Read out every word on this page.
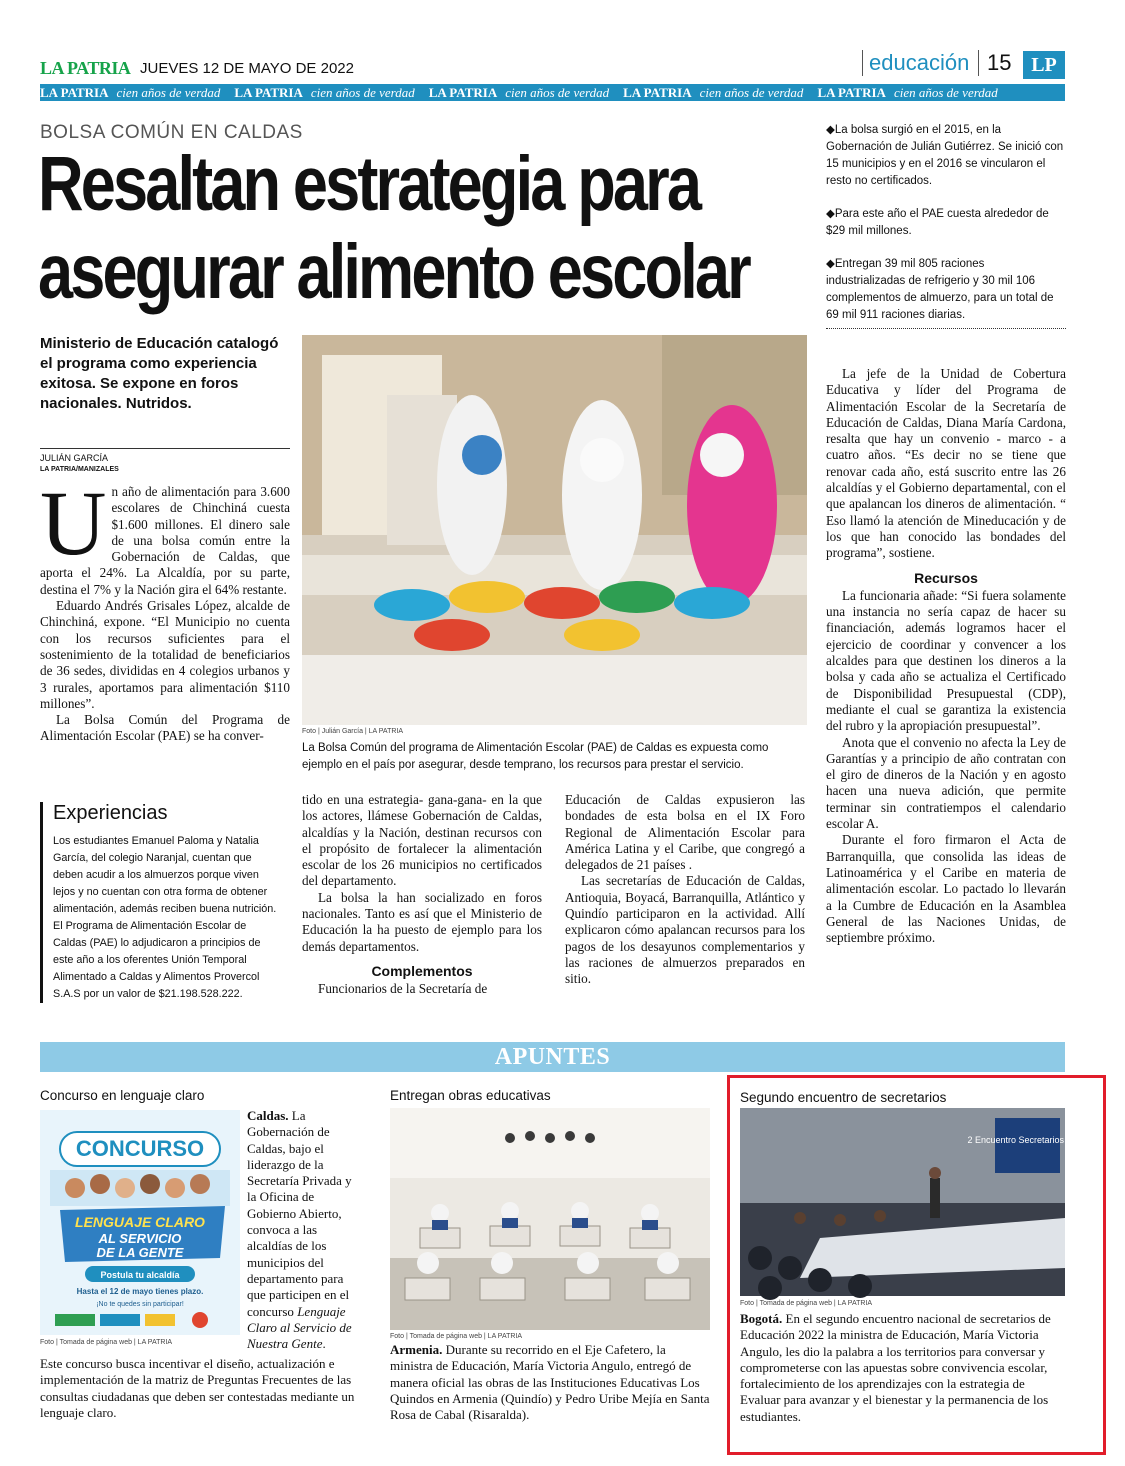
LA PATRIA JUEVES 12 DE MAYO DE 2022	educación 15 LP
LA PATRIA cien años de verdad LA PATRIA cien años de verdad LA PATRIA cien años de verdad LA PATRIA cien años de verdad LA PATRIA cien años de verdad
BOLSA COMÚN EN CALDAS
Resaltan estrategia para
asegurar alimento escolar

◆La bolsa surgió en el 2015, en la Gobernación de Julián Gutiérrez. Se inició con 15 municipios y en el 2016 se vincularon el resto no certificados.

◆Para este año el PAE cuesta alrededor de $29 mil millones.

◆Entregan 39 mil 805 raciones industrializadas de refrigerio y 30 mil 106 complementos de almuerzo, para un total de 69 mil 911 raciones diarias.

Ministerio de Educación catalogó el programa como experiencia exitosa. Se expone en foros nacionales. Nutridos.
JULIÁN GARCÍA
LA PATRIA/MANIZALES
U n año de alimentación para 3.600 escolares de Chinchiná cuesta $1.600 millones. El dinero sale de una bolsa común entre la Gobernación de Caldas, que aporta el 24%. La Alcaldía, por su parte, destina el 7% y la Nación gira el 64% restante.

Eduardo Andrés Grisales López, alcalde de Chinchiná, expone. “El Municipio no cuenta con los recursos suficientes para el sostenimiento de la totalidad de beneficiarios de 36 sedes, divididas en 4 colegios urbanos y 3 rurales, aportamos para alimentación $110 millones”.

La Bolsa Común del Programa de Alimentación Escolar (PAE) se ha conver-	Foto | Julián García | LA PATRIA
La Bolsa Común del programa de Alimentación Escolar (PAE) de Caldas es expuesta como ejemplo en el país por asegurar, desde temprano, los recursos para prestar el servicio.
Experiencias
Los estudiantes Emanuel Paloma y Natalia García, del colegio Naranjal, cuentan que deben acudir a los almuerzos porque viven lejos y no cuentan con otra forma de obtener alimentación, además reciben buena nutrición. El Programa de Alimentación Escolar de Caldas (PAE) lo adjudicaron a principios de este año a los oferentes Unión Temporal Alimentado a Caldas y Alimentos Provercol S.A.S por un valor de $21.198.528.222.

tido en una estrategia- gana-gana- en la que los actores, llámese Gobernación de Caldas, alcaldías y la Nación, destinan recursos con el propósito de fortalecer la alimentación escolar de los 26 municipios no certificados del departamento.

La bolsa la han socializado en foros nacionales. Tanto es así que el Ministerio de Educación la ha puesto de ejemplo para los demás departamentos.

Complementos

Funcionarios de la Secretaría de

Educación de Caldas expusieron las bondades de esta bolsa en el IX Foro Regional de Alimentación Escolar para América Latina y el Caribe, que congregó a delegados de 21 países .

Las secretarías de Educación de Caldas, Antioquia, Boyacá, Barranquilla, Atlántico y Quindío participaron en la actividad. Allí explicaron cómo apalancan recursos para los pagos de los desayunos complementarios y las raciones de almuerzos preparados en sitio.

La jefe de la Unidad de Cobertura Educativa y líder del Programa de Alimentación Escolar de la Secretaría de Educación de Caldas, Diana María Cardona, resalta que hay un convenio - marco - a cuatro años. “Es decir no se tiene que renovar cada año, está suscrito entre las 26 alcaldías y el Gobierno departamental, con el que apalancan los dineros de alimentación. “ Eso llamó la atención de Mineducación y de los que han conocido las bondades del programa”, sostiene.

Recursos

La funcionaria añade: “Si fuera solamente una instancia no sería capaz de hacer su financiación, además logramos hacer el ejercicio de coordinar y convencer a los alcaldes para que destinen los dineros a la bolsa y cada año se actualiza el Certificado de Disponibilidad Presupuestal (CDP), mediante el cual se garantiza la existencia del rubro y la apropiación presupuestal”.

Anota que el convenio no afecta la Ley de Garantías y a principio de año contratan con el giro de dineros de la Nación y en agosto hacen una nueva adición, que permite terminar sin contratiempos el calendario escolar A.

Durante el foro firmaron el Acta de Barranquilla, que consolida las ideas de Latinoamérica y el Caribe en materia de alimentación escolar. Lo pactado lo llevarán a la Cumbre de Educación en la Asamblea General de las Naciones Unidas, de septiembre próximo.

APUNTES
Concurso en lenguaje claro
CONCURSO
LENGUAJE CLARO
AL SERVICIO
DE LA GENTE
Postula tu alcaldía
Hasta el 12 de mayo tienes plazo.
¡No te quedes sin participar!
Caldas. La Gobernación de Caldas, bajo el liderazgo de la Secretaría Privada y la Oficina de Gobierno Abierto, convoca a las alcaldías de los municipios del departamento para que participen en el concurso Lenguaje Claro al Servicio de Nuestra Gente.
Foto | Tomada de página web | LA PATRIA
Este concurso busca incentivar el diseño, actualización e implementación de la matriz de Preguntas Frecuentes de las consultas ciudadanas que deben ser contestadas mediante un lenguaje claro.
Entregan obras educativas
Foto | Tomada de página web | LA PATRIA
Armenia. Durante su recorrido en el Eje Cafetero, la ministra de Educación, María Victoria Angulo, entregó de manera oficial las obras de las Instituciones Educativas Los Quindos en Armenia (Quindío) y Pedro Uribe Mejía en Santa Rosa de Cabal (Risaralda).
Segundo encuentro de secretarios
2 Encuentro Secretarios 2022
Foto | Tomada de página web | LA PATRIA
Bogotá. En el segundo encuentro nacional de secretarios de Educación 2022 la ministra de Educación, María Victoria Angulo, les dio la palabra a los territorios para conversar y comprometerse con las apuestas sobre convivencia escolar, fortalecimiento de los aprendizajes con la estrategia de Evaluar para avanzar y el bienestar y la permanencia de los estudiantes.
